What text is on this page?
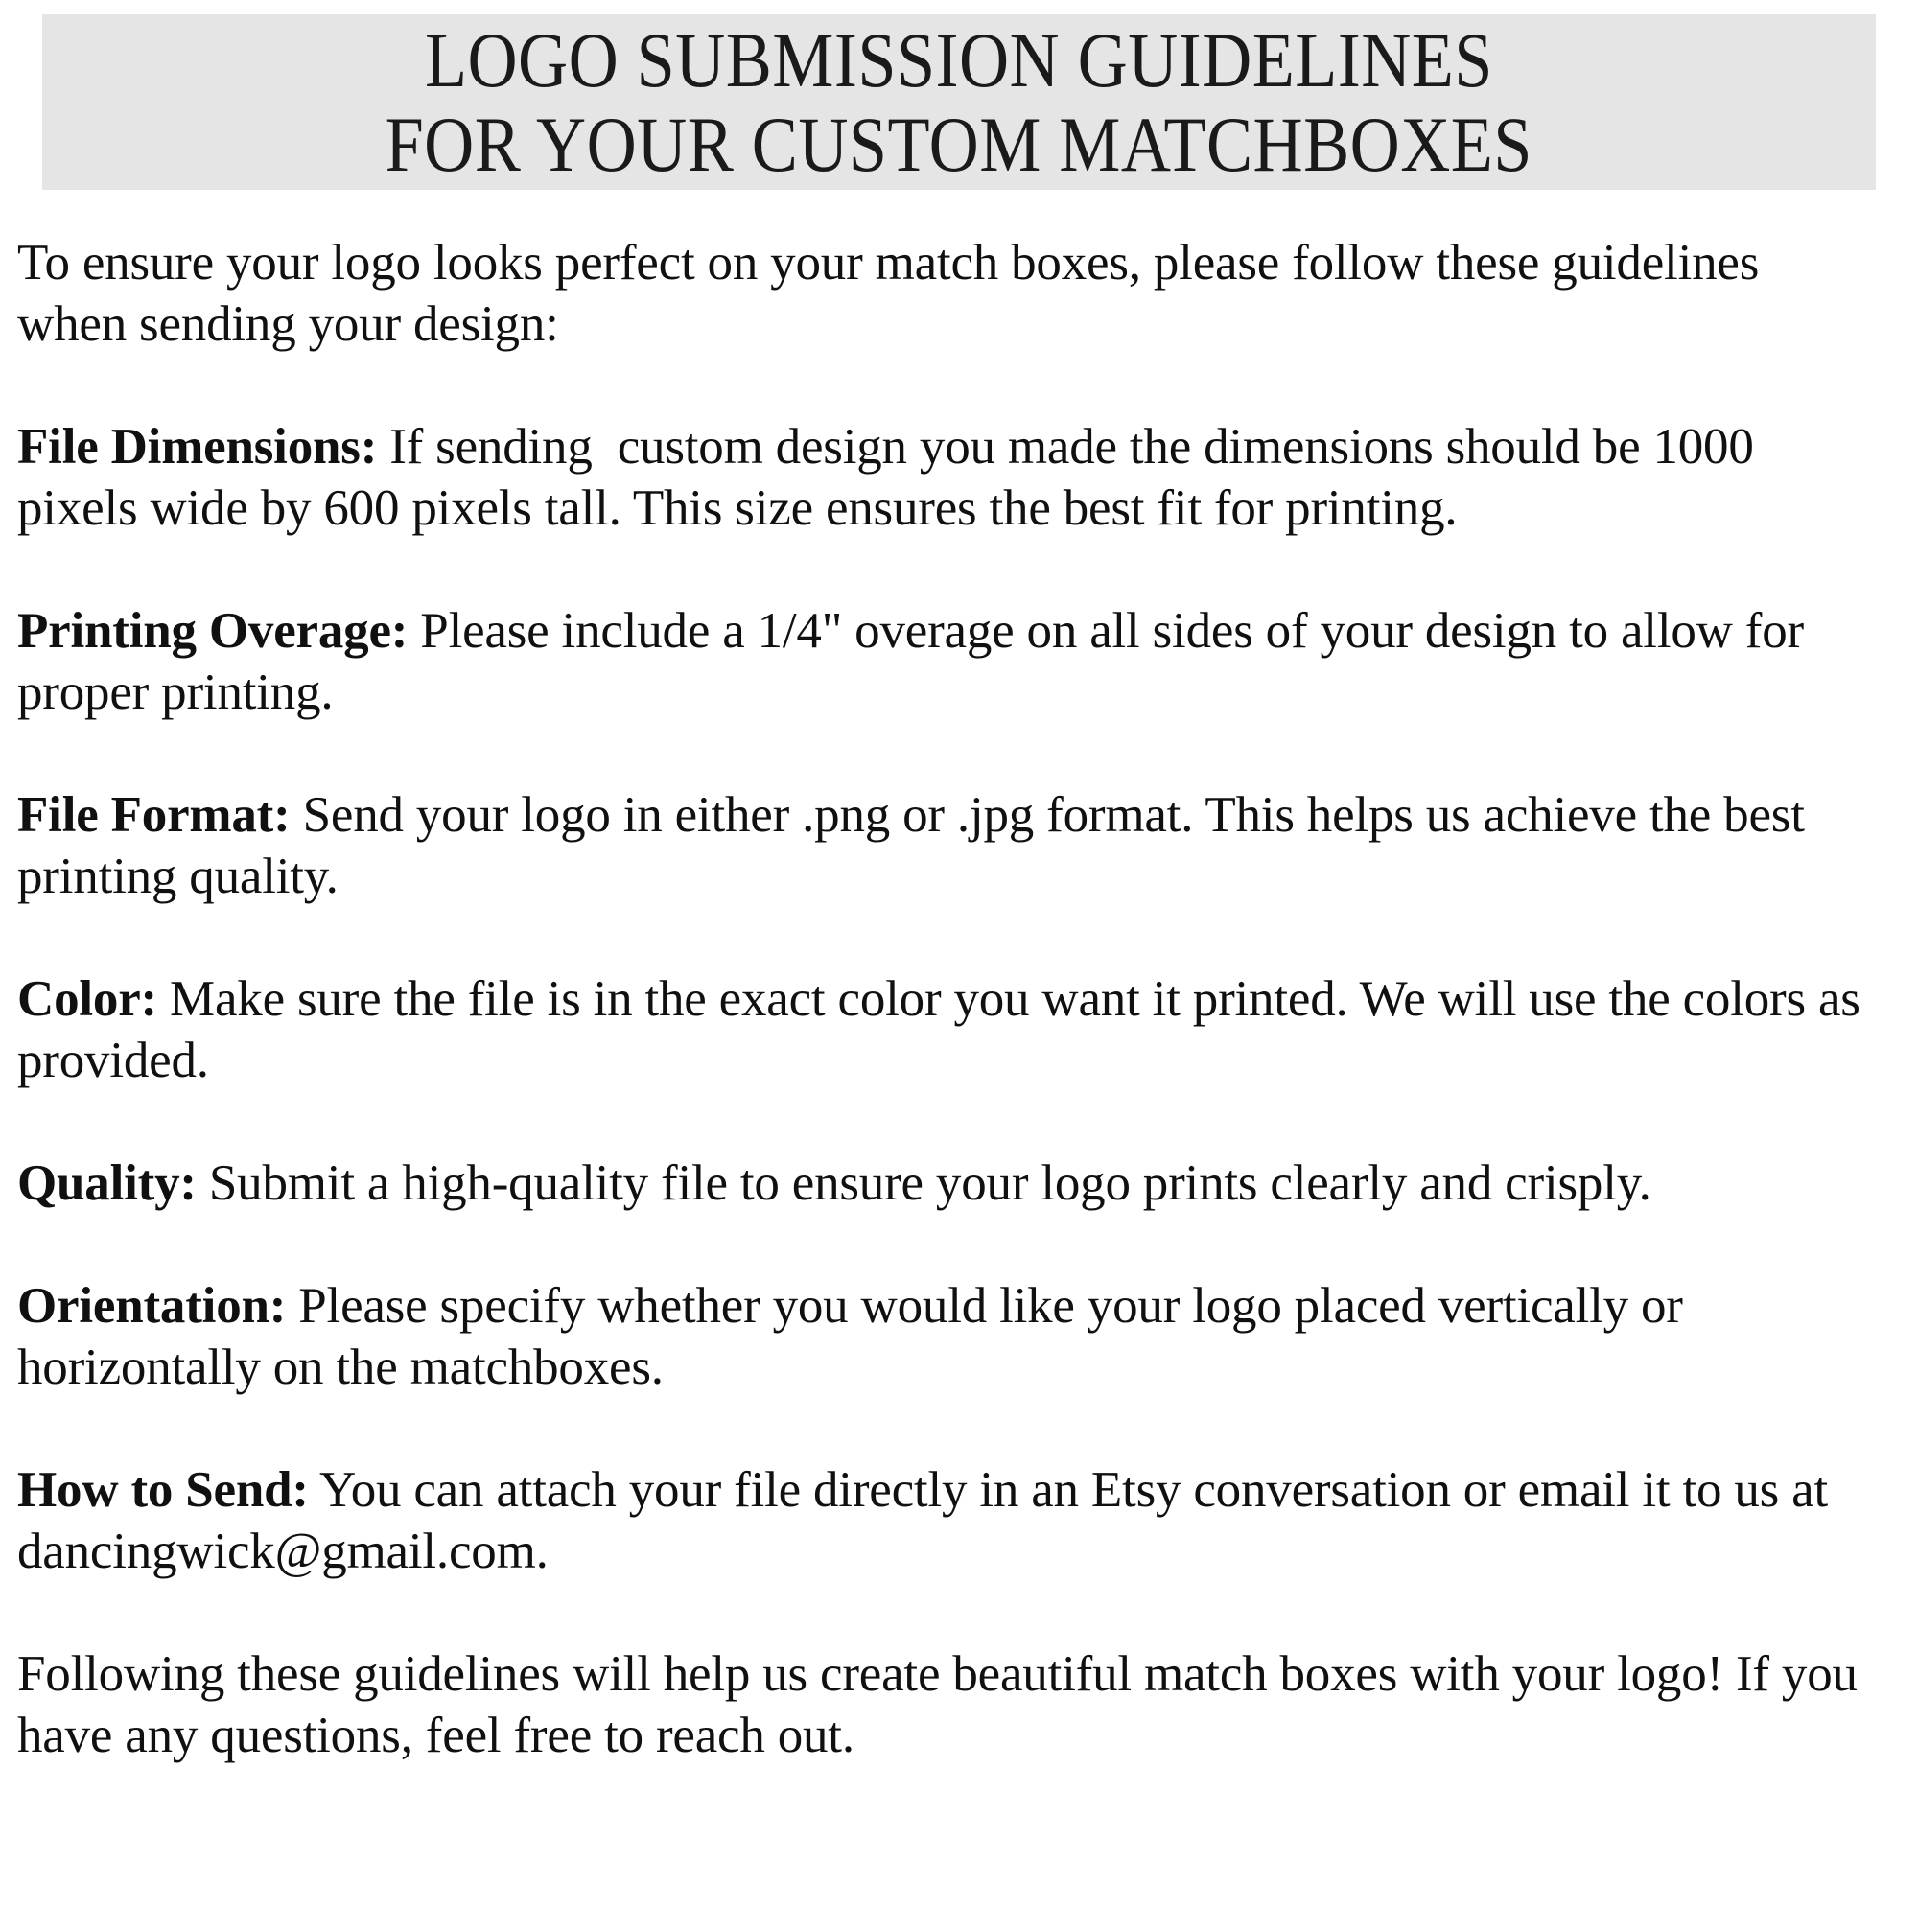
LOGO SUBMISSION GUIDELINES
FOR YOUR CUSTOM MATCHBOXES

To ensure your logo looks perfect on your match boxes, please follow these guidelines when sending your design:

File Dimensions: If sending  custom design you made the dimensions should be 1000 pixels wide by 600 pixels tall. This size ensures the best fit for printing.

Printing Overage: Please include a 1/4" overage on all sides of your design to allow for proper printing.

File Format: Send your logo in either .png or .jpg format. This helps us achieve the best printing quality.

Color: Make sure the file is in the exact color you want it printed. We will use the colors as provided.

Quality: Submit a high-quality file to ensure your logo prints clearly and crisply.

Orientation: Please specify whether you would like your logo placed vertically or horizontally on the matchboxes.

How to Send: You can attach your file directly in an Etsy conversation or email it to us at dancingwick@gmail.com.

Following these guidelines will help us create beautiful match boxes with your logo! If you have any questions, feel free to reach out.
